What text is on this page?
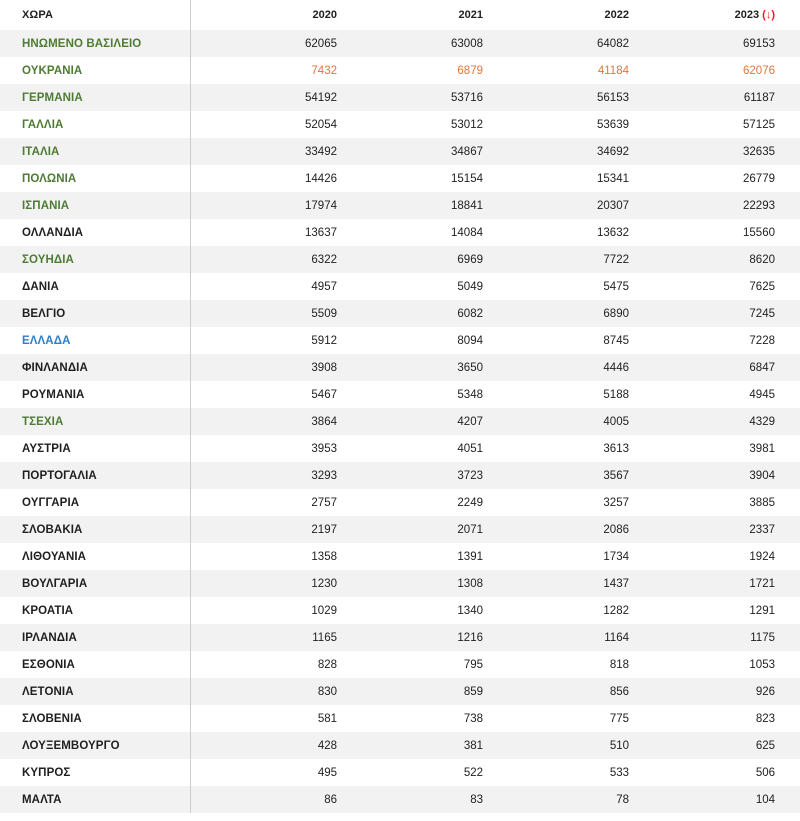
ΧΩΡΑ	2020	2021	2022	2023 (↓)
ΗΝΩΜΕΝΟ ΒΑΣΙΛΕΙΟ	62065	63008	64082	69153
ΟΥΚΡΑΝΙΑ	7432	6879	41184	62076
ΓΕΡΜΑΝΙΑ	54192	53716	56153	61187
ΓΑΛΛΙΑ	52054	53012	53639	57125
ΙΤΑΛΙΑ	33492	34867	34692	32635
ΠΟΛΩΝΙΑ	14426	15154	15341	26779
ΙΣΠΑΝΙΑ	17974	18841	20307	22293
ΟΛΛΑΝΔΙΑ	13637	14084	13632	15560
ΣΟΥΗΔΙΑ	6322	6969	7722	8620
ΔΑΝΙΑ	4957	5049	5475	7625
ΒΕΛΓΙΟ	5509	6082	6890	7245
ΕΛΛΑΔΑ	5912	8094	8745	7228
ΦΙΝΛΑΝΔΙΑ	3908	3650	4446	6847
ΡΟΥΜΑΝΙΑ	5467	5348	5188	4945
ΤΣΕΧΙΑ	3864	4207	4005	4329
ΑΥΣΤΡΙΑ	3953	4051	3613	3981
ΠΟΡΤΟΓΑΛΙΑ	3293	3723	3567	3904
ΟΥΓΓΑΡΙΑ	2757	2249	3257	3885
ΣΛΟΒΑΚΙΑ	2197	2071	2086	2337
ΛΙΘΟΥΑΝΙΑ	1358	1391	1734	1924
ΒΟΥΛΓΑΡΙΑ	1230	1308	1437	1721
ΚΡΟΑΤΙΑ	1029	1340	1282	1291
ΙΡΛΑΝΔΙΑ	1165	1216	1164	1175
ΕΣΘΟΝΙΑ	828	795	818	1053
ΛΕΤΟΝΙΑ	830	859	856	926
ΣΛΟΒΕΝΙΑ	581	738	775	823
ΛΟΥΞΕΜΒΟΥΡΓΟ	428	381	510	625
ΚΥΠΡΟΣ	495	522	533	506
ΜΑΛΤΑ	86	83	78	104
